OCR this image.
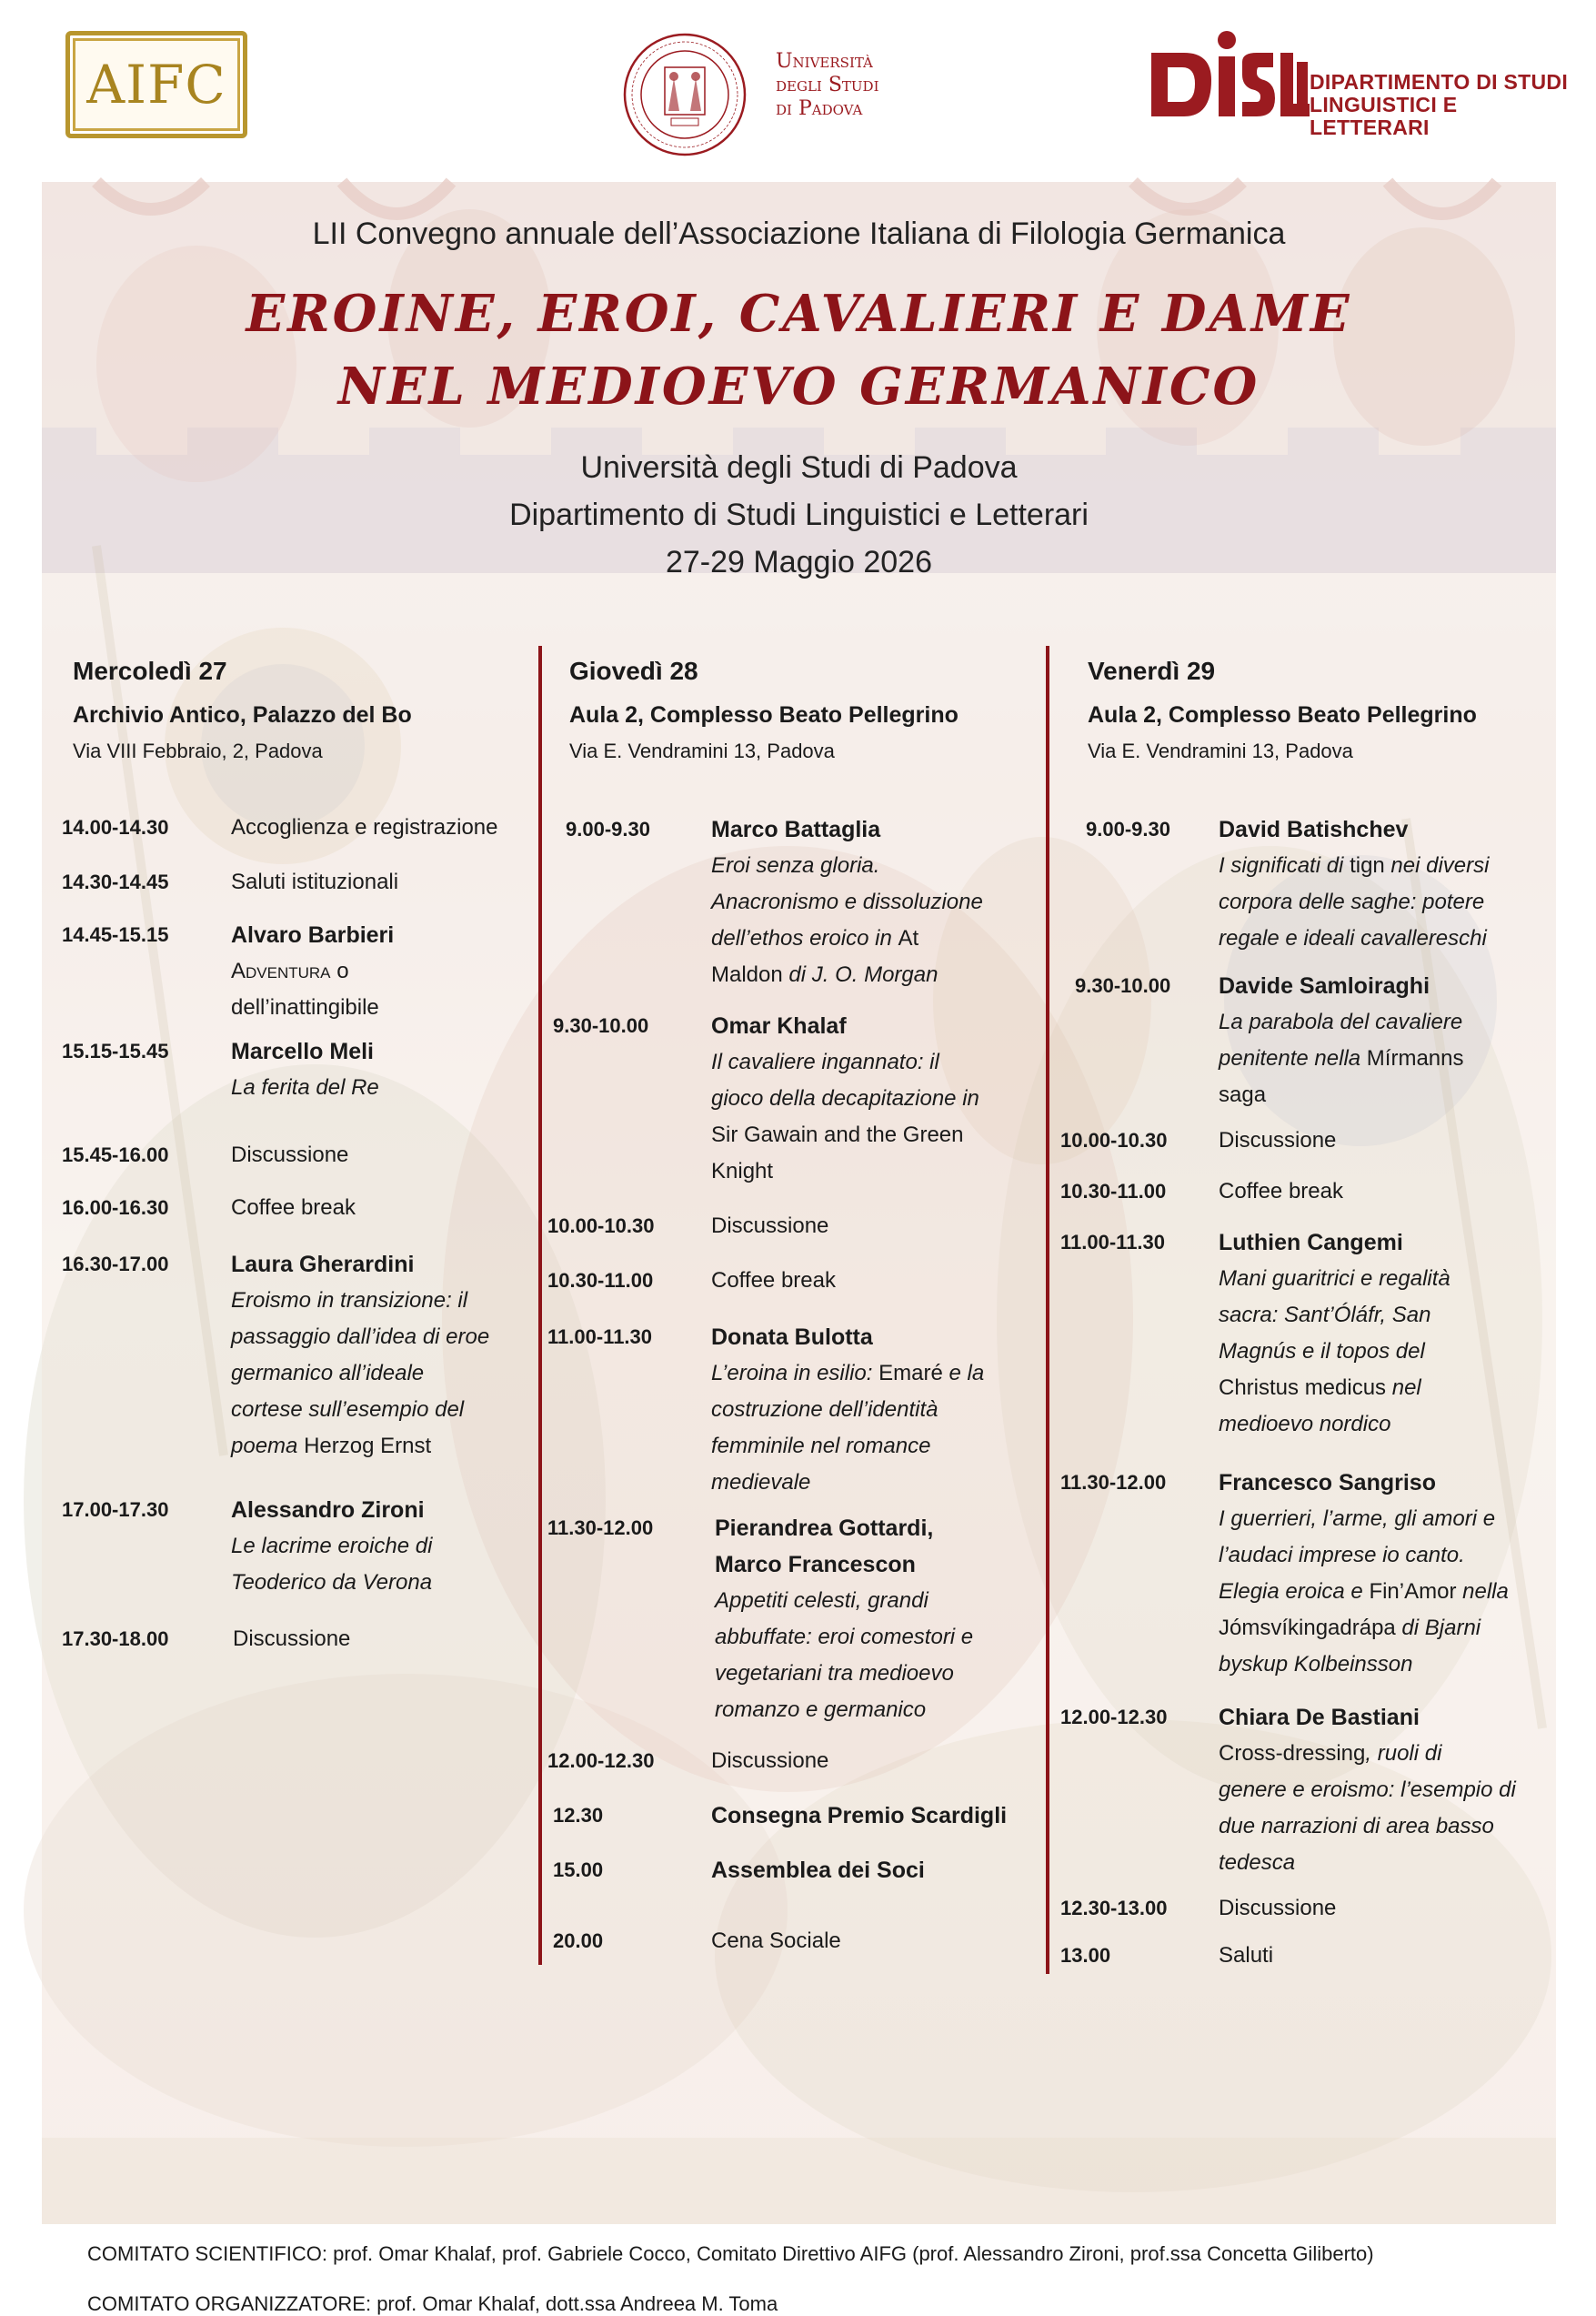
AIFC	Università
degli Studi
di Padova
DIPARTIMENTO DI STUDI
LINGUISTICI E LETTERARI
LII Convegno annuale dell’Associazione Italiana di Filologia Germanica
EROINE, EROI, CAVALIERI E DAME
NEL MEDIOEVO GERMANICO
Università degli Studi di Padova
Dipartimento di Studi Linguistici e Letterari
27-29 Maggio 2026
Mercoledì 27
Archivio Antico, Palazzo del Bo
Via VIII Febbraio, 2, Padova
14.00-14.30	Accoglienza e registrazione
14.30-14.45	Saluti istituzionali
14.45-15.15	Alvaro Barbieri
Adventura o
dell’inattingibile
15.15-15.45	Marcello Meli
La ferita del Re
15.45-16.00	Discussione
16.00-16.30	Coffee break
16.30-17.00	Laura Gherardini
Eroismo in transizione: il
passaggio dall’idea di eroe
germanico all’ideale
cortese sull’esempio del
poema Herzog Ernst
17.00-17.30	Alessandro Zironi
Le lacrime eroiche di
Teoderico da Verona
17.30-18.00	Discussione
Giovedì 28
Aula 2, Complesso Beato Pellegrino
Via E. Vendramini 13, Padova
9.00-9.30	Marco Battaglia
Eroi senza gloria.
Anacronismo e dissoluzione
dell’ethos eroico in At
Maldon di J. O. Morgan
9.30-10.00	Omar Khalaf
Il cavaliere ingannato: il
gioco della decapitazione in
Sir Gawain and the Green
Knight
10.00-10.30	Discussione
10.30-11.00	Coffee break
11.00-11.30	Donata Bulotta
L’eroina in esilio: Emaré e la
costruzione dell’identità
femminile nel romance
medievale
11.30-12.00	Pierandrea Gottardi,
Marco Francescon
Appetiti celesti, grandi
abbuffate: eroi comestori e
vegetariani tra medioevo
romanzo e germanico
12.00-12.30	Discussione
12.30	Consegna Premio Scardigli
15.00	Assemblea dei Soci
20.00	Cena Sociale
Venerdì 29
Aula 2, Complesso Beato Pellegrino
Via E. Vendramini 13, Padova
9.00-9.30 David Batishchev
I significati di tign nei diversi
corpora delle saghe: potere
regale e ideali cavallereschi
9.30-10.00 Davide Samloiraghi
La parabola del cavaliere
penitente nella Mírmanns
saga
10.00-10.30 Discussione
10.30-11.00 Coffee break
11.00-11.30 Luthien Cangemi
Mani guaritrici e regalità
sacra: Sant’Óláfr, San
Magnús e il topos del
Christus medicus nel
medioevo nordico
11.30-12.00 Francesco Sangriso
I guerrieri, l’arme, gli amori e
l’audaci imprese io canto.
Elegia eroica e Fin’Amor nella
Jómsvíkingadrápa di Bjarni
byskup Kolbeinsson
12.00-12.30 Chiara De Bastiani
Cross-dressing, ruoli di
genere e eroismo: l’esempio di
due narrazioni di area basso
tedesca
12.30-13.00 Discussione
13.00	Saluti
COMITATO SCIENTIFICO: prof. Omar Khalaf, prof. Gabriele Cocco, Comitato Direttivo AIFG (prof. Alessandro Zironi, prof.ssa Concetta Giliberto)
COMITATO ORGANIZZATORE: prof. Omar Khalaf, dott.ssa Andreea M. Toma
